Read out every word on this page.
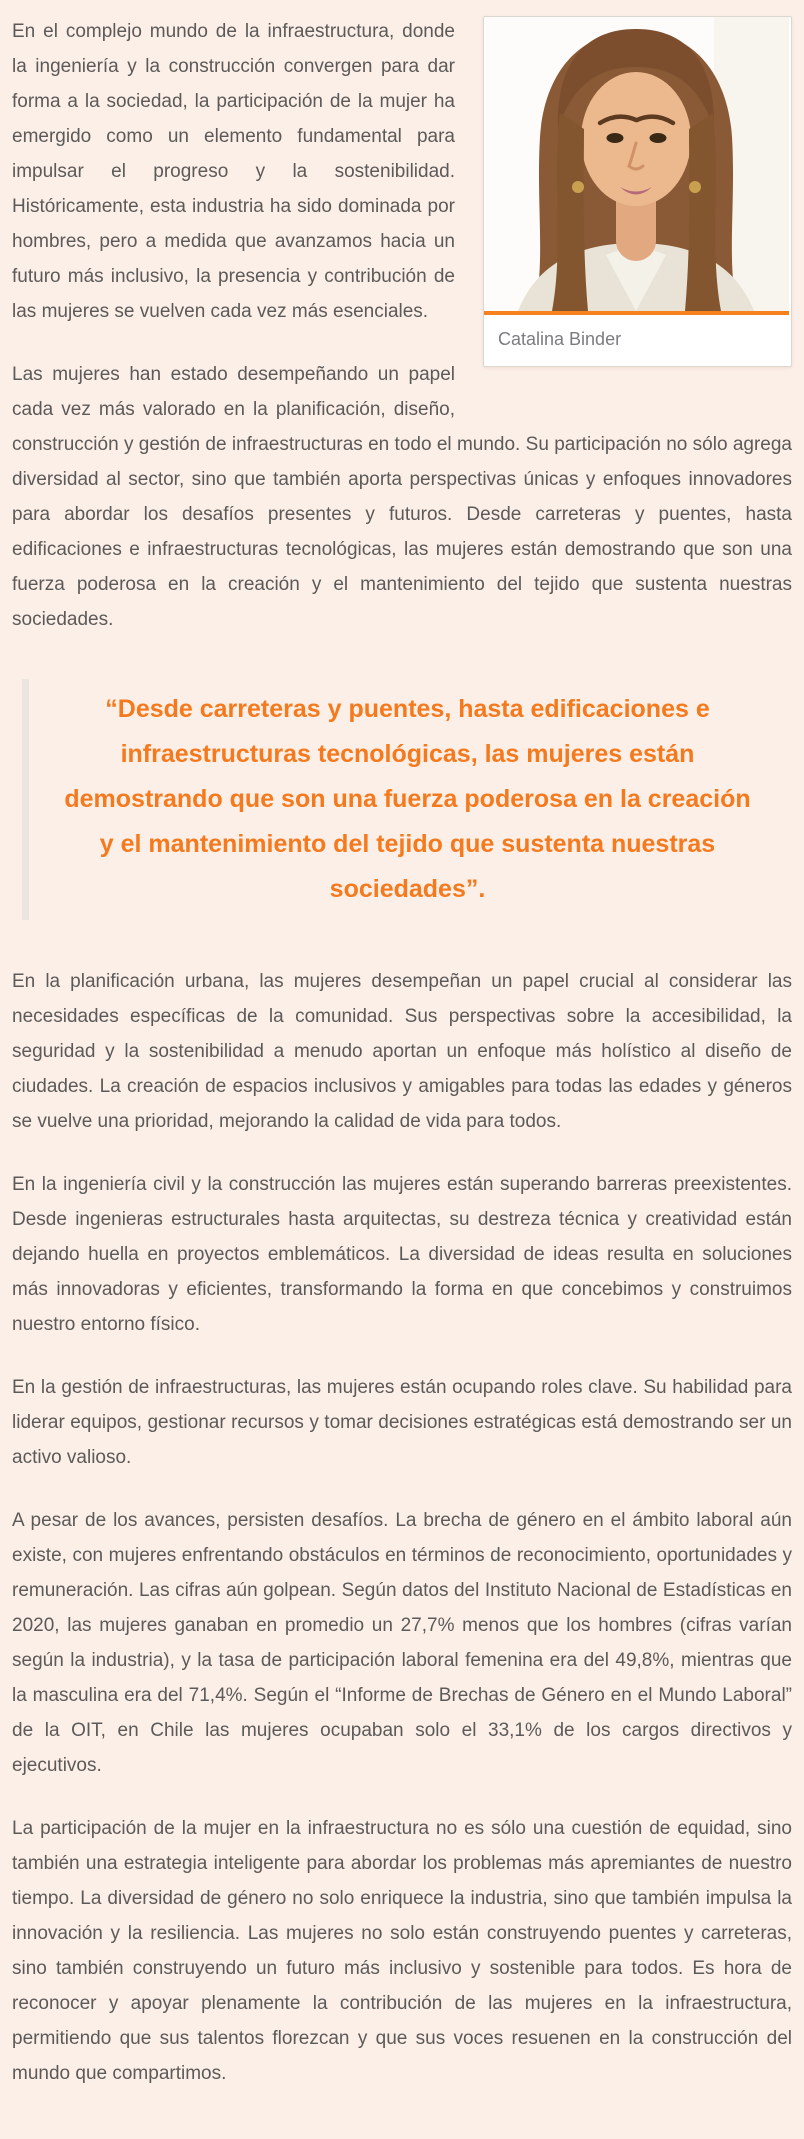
Catalina Binder

En el complejo mundo de la infraestructura, donde la ingeniería y la construcción convergen para dar forma a la sociedad, la participación de la mujer ha emergido como un elemento fundamental para impulsar el progreso y la sostenibilidad. Históricamente, esta industria ha sido dominada por hombres, pero a medida que avanzamos hacia un futuro más inclusivo, la presencia y contribución de las mujeres se vuelven cada vez más esenciales.

Las mujeres han estado desempeñando un papel cada vez más valorado en la planificación, diseño, construcción y gestión de infraestructuras en todo el mundo. Su participación no sólo agrega diversidad al sector, sino que también aporta perspectivas únicas y enfoques innovadores para abordar los desafíos presentes y futuros. Desde carreteras y puentes, hasta edificaciones e infraestructuras tecnológicas, las mujeres están demostrando que son una fuerza poderosa en la creación y el mantenimiento del tejido que sustenta nuestras sociedades.

“Desde carreteras y puentes, hasta edificaciones e infraestructuras tecnológicas, las mujeres están demostrando que son una fuerza poderosa en la creación y el mantenimiento del tejido que sustenta nuestras sociedades”.

En la planificación urbana, las mujeres desempeñan un papel crucial al considerar las necesidades específicas de la comunidad. Sus perspectivas sobre la accesibilidad, la seguridad y la sostenibilidad a menudo aportan un enfoque más holístico al diseño de ciudades. La creación de espacios inclusivos y amigables para todas las edades y géneros se vuelve una prioridad, mejorando la calidad de vida para todos.

En la ingeniería civil y la construcción las mujeres están superando barreras preexistentes. Desde ingenieras estructurales hasta arquitectas, su destreza técnica y creatividad están dejando huella en proyectos emblemáticos. La diversidad de ideas resulta en soluciones más innovadoras y eficientes, transformando la forma en que concebimos y construimos nuestro entorno físico.

En la gestión de infraestructuras, las mujeres están ocupando roles clave. Su habilidad para liderar equipos, gestionar recursos y tomar decisiones estratégicas está demostrando ser un activo valioso.

A pesar de los avances, persisten desafíos. La brecha de género en el ámbito laboral aún existe, con mujeres enfrentando obstáculos en términos de reconocimiento, oportunidades y remuneración. Las cifras aún golpean. Según datos del Instituto Nacional de Estadísticas en 2020, las mujeres ganaban en promedio un 27,7% menos que los hombres (cifras varían según la industria), y la tasa de participación laboral femenina era del 49,8%, mientras que la masculina era del 71,4%. Según el “Informe de Brechas de Género en el Mundo Laboral” de la OIT, en Chile las mujeres ocupaban solo el 33,1% de los cargos directivos y ejecutivos.

La participación de la mujer en la infraestructura no es sólo una cuestión de equidad, sino también una estrategia inteligente para abordar los problemas más apremiantes de nuestro tiempo. La diversidad de género no solo enriquece la industria, sino que también impulsa la innovación y la resiliencia. Las mujeres no solo están construyendo puentes y carreteras, sino también construyendo un futuro más inclusivo y sostenible para todos. Es hora de reconocer y apoyar plenamente la contribución de las mujeres en la infraestructura, permitiendo que sus talentos florezcan y que sus voces resuenen en la construcción del mundo que compartimos.
